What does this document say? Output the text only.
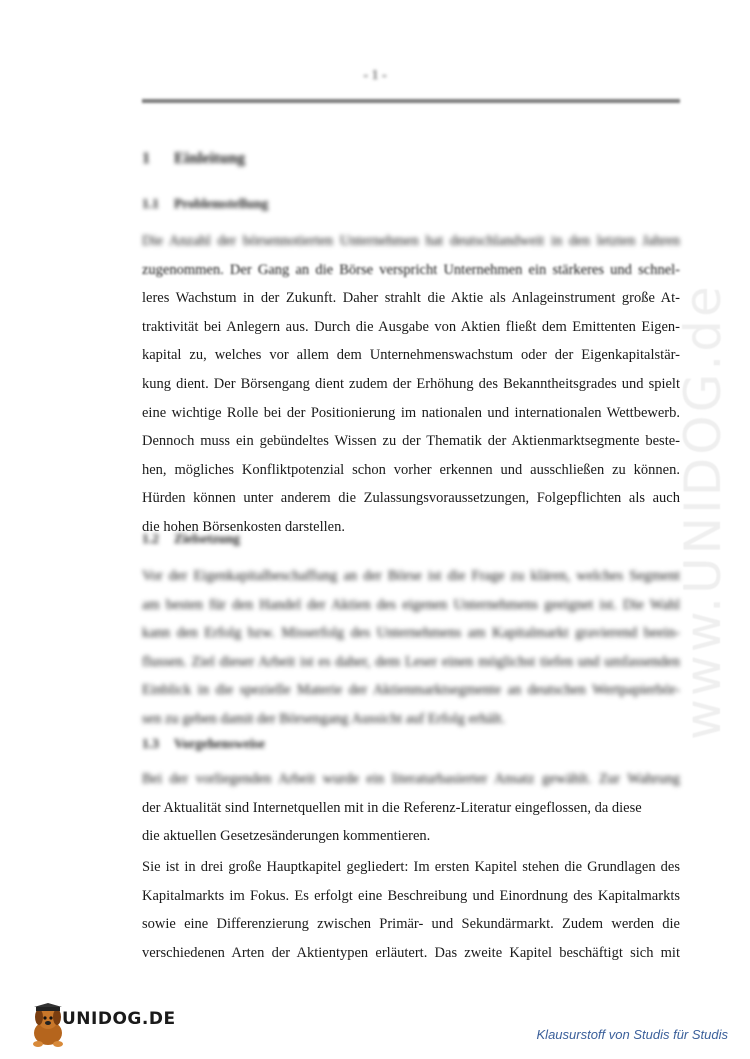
www.UNIDOG.de
- 1 -
1 Einleitung
1.1 Problemstellung
Die Anzahl der börsennotierten Unternehmen hat deutschlandweit in den letzten Jahren
zugenommen. Der Gang an die Börse verspricht Unternehmen ein stärkeres und schnel-
leres Wachstum in der Zukunft. Daher strahlt die Aktie als Anlageinstrument große At-
traktivität bei Anlegern aus. Durch die Ausgabe von Aktien fließt dem Emittenten Eigen-
kapital zu, welches vor allem dem Unternehmenswachstum oder der Eigenkapitalstär-
kung dient. Der Börsengang dient zudem der Erhöhung des Bekanntheitsgrades und spielt
eine wichtige Rolle bei der Positionierung im nationalen und internationalen Wettbewerb.
Dennoch muss ein gebündeltes Wissen zu der Thematik der Aktienmarktsegmente beste-
hen, mögliches Konfliktpotenzial schon vorher erkennen und ausschließen zu können.
Hürden können unter anderem die Zulassungsvoraussetzungen, Folgepflichten als auch
die hohen Börsenkosten darstellen.
1.2 Zielsetzung
Vor der Eigenkapitalbeschaffung an der Börse ist die Frage zu klären, welches Segment
am besten für den Handel der Aktien des eigenen Unternehmens geeignet ist. Die Wahl
kann den Erfolg bzw. Misserfolg des Unternehmens am Kapitalmarkt gravierend beein-
flussen. Ziel dieser Arbeit ist es daher, dem Leser einen möglichst tiefen und umfassenden
Einblick in die spezielle Materie der Aktienmarktsegmente an deutschen Wertpapierbör-
sen zu geben damit der Börsengang Aussicht auf Erfolg erhält.
1.3 Vorgehensweise
Bei der vorliegenden Arbeit wurde ein literaturbasierter Ansatz gewählt. Zur Wahrung
der Aktualität sind Internetquellen mit in die Referenz-Literatur eingeflossen, da diese
die aktuellen Gesetzesänderungen kommentieren.
Sie ist in drei große Hauptkapitel gegliedert: Im ersten Kapitel stehen die Grundlagen des
Kapitalmarkts im Fokus. Es erfolgt eine Beschreibung und Einordnung des Kapitalmarkts
sowie eine Differenzierung zwischen Primär- und Sekundärmarkt. Zudem werden die
verschiedenen Arten der Aktientypen erläutert. Das zweite Kapitel beschäftigt sich mit
UNIDOG.DE
Klausurstoff von Studis für Studis
